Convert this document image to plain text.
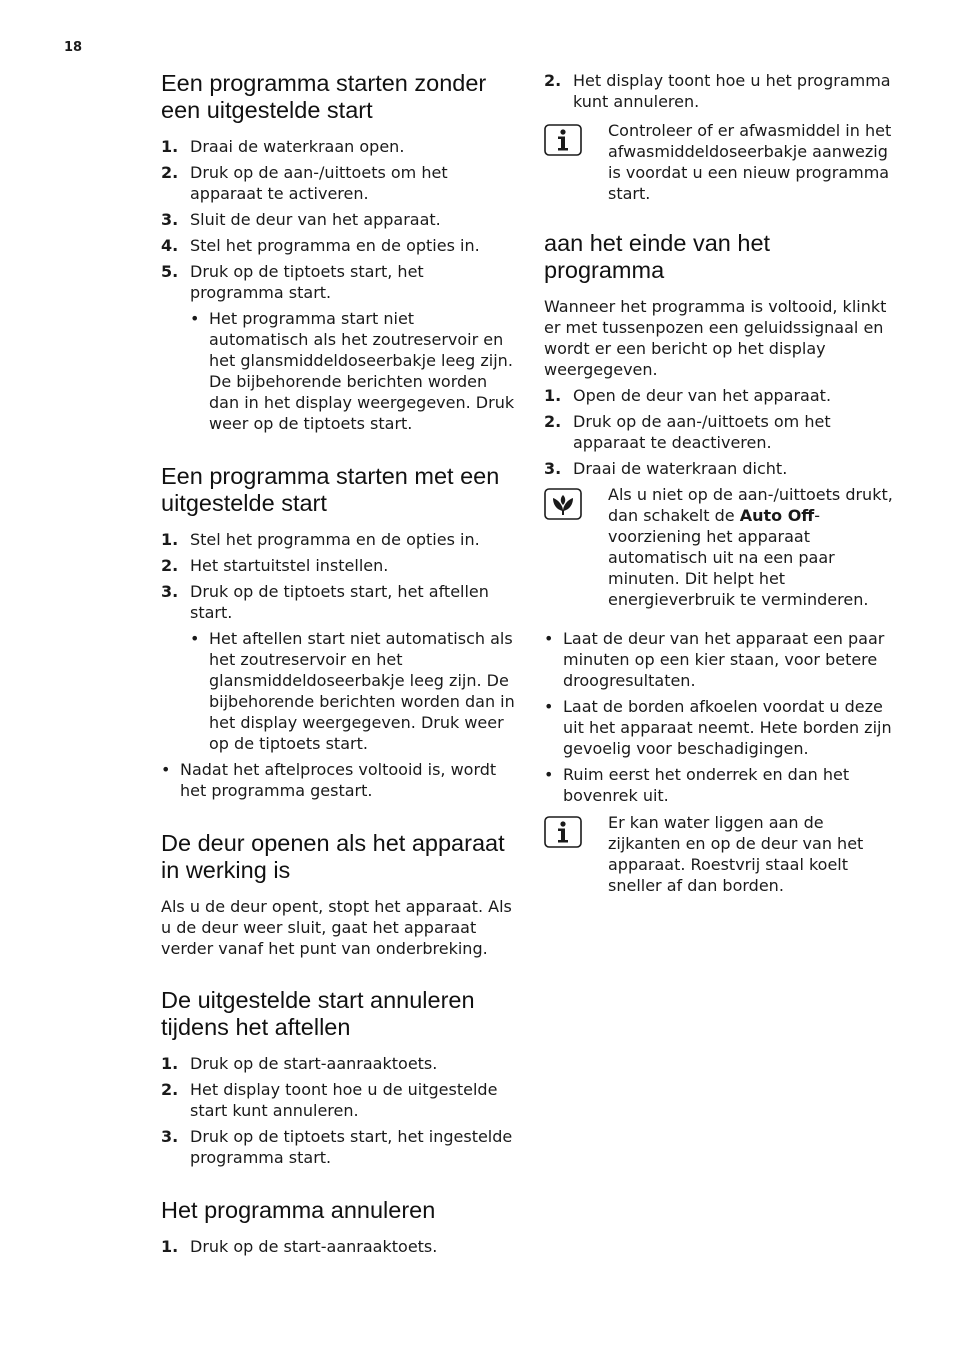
18
Een programma starten zonder een uitgestelde start
1. Draai de waterkraan open.
2. Druk op de aan-/uittoets om het apparaat te activeren.
3. Sluit de deur van het apparaat.
4. Stel het programma en de opties in.
5. Druk op de tiptoets start, het programma start.
• Het programma start niet automatisch als het zoutreservoir en het glansmiddeldoseerbakje leeg zijn. De bijbehorende berichten worden dan in het display weergegeven. Druk weer op de tiptoets start.
Een programma starten met een uitgestelde start
1. Stel het programma en de opties in.
2. Het startuitstel instellen.
3. Druk op de tiptoets start, het aftellen start.
• Het aftellen start niet automatisch als het zoutreservoir en het glansmiddeldoseerbakje leeg zijn. De bijbehorende berichten worden dan in het display weergegeven. Druk weer op de tiptoets start.
• Nadat het aftelproces voltooid is, wordt het programma gestart.
De deur openen als het apparaat in werking is

Als u de deur opent, stopt het apparaat. Als u de deur weer sluit, gaat het apparaat verder vanaf het punt van onderbreking.

De uitgestelde start annuleren tijdens het aftellen
1. Druk op de start-aanraaktoets.
2. Het display toont hoe u de uitgestelde start kunt annuleren.
3. Druk op de tiptoets start, het ingestelde programma start.
Het programma annuleren
1. Druk op de start-aanraaktoets.
2. Het display toont hoe u het programma kunt annuleren.

Controleer of er afwasmiddel in het afwasmiddeldoseerbakje aanwezig is voordat u een nieuw programma start.

aan het einde van het programma

Wanneer het programma is voltooid, klinkt er met tussenpozen een geluidssignaal en wordt er een bericht op het display weergegeven.

1. Open de deur van het apparaat.
2. Druk op de aan-/uittoets om het apparaat te deactiveren.
3. Draai de waterkraan dicht.

Als u niet op de aan-/uittoets drukt, dan schakelt de Auto Off-voorziening het apparaat automatisch uit na een paar minuten. Dit helpt het energieverbruik te verminderen.

• Laat de deur van het apparaat een paar minuten op een kier staan, voor betere droogresultaten.
• Laat de borden afkoelen voordat u deze uit het apparaat neemt. Hete borden zijn gevoelig voor beschadigingen.
• Ruim eerst het onderrek en dan het bovenrek uit.

Er kan water liggen aan de zijkanten en op de deur van het apparaat. Roestvrij staal koelt sneller af dan borden.
